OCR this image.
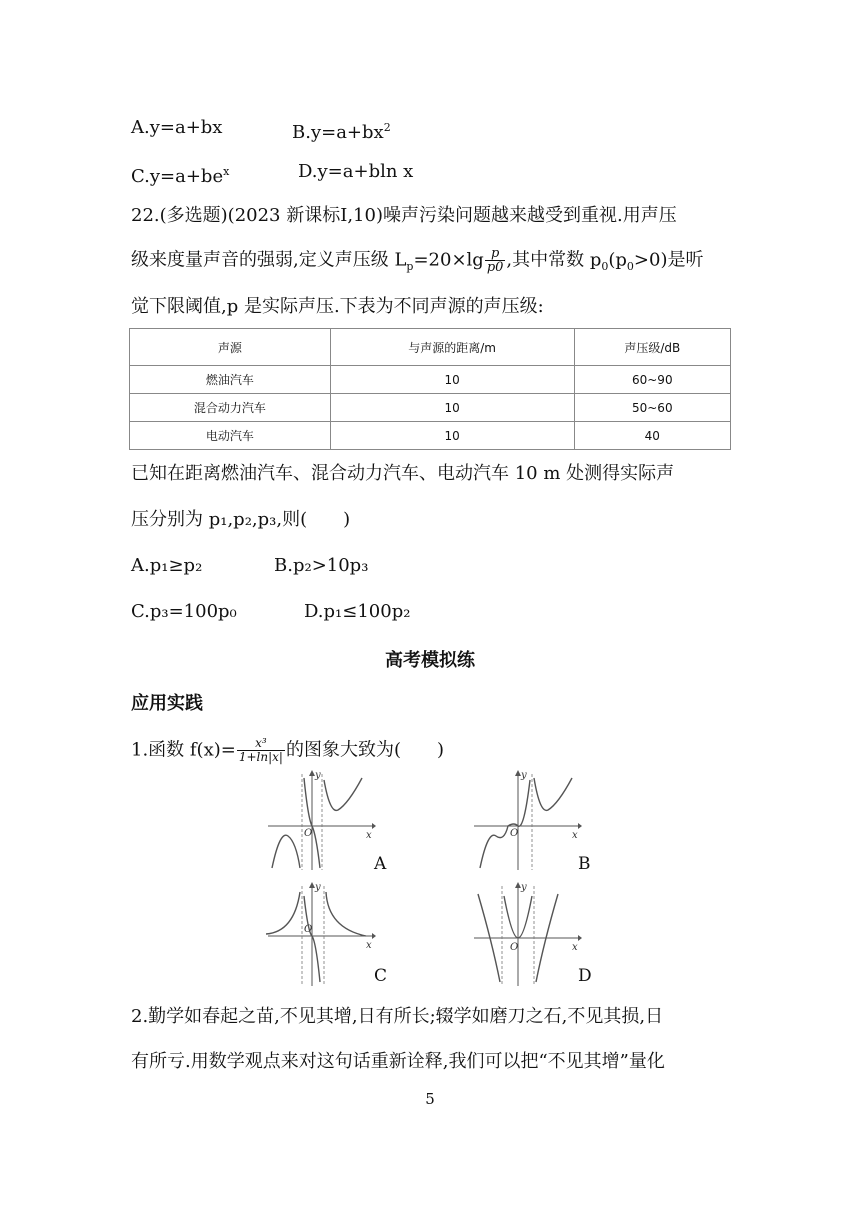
A.y=a+bx	$B.y=a+bx^2$
$C.y=a+be^x$	D.y=a+bln x
22.(多选题)(2023 新课标Ⅰ,10)噪声污染问题越来越受到重视.用声压
级来度量声音的强弱,定义声压级 $L_p=20\times\lg \frac{p}{p0}$ ,其中常数 $p_0(p_0>0)$是听
觉下限阈值,p 是实际声压.下表为不同声源的声压级:
声源	与声源的距离/m	声压级/dB
燃油汽车	10	60~90
混合动力汽车	10	50~60
电动汽车	10	40
已知在距离燃油汽车、混合动力汽车、电动汽车 10 m 处测得实际声
压分别为 p₁,p₂,p₃,则(　　)
A.p₁≥p₂	B.p₂>10p₃
C.p₃=100p₀	D.p₁≤100p₂
高考模拟练
应用实践
1.函数 $f(x)= \frac{\text{x³}}{1+\ln|x|}$ 的图象大致为(　　)
y
x
O
A
y
x
O
B
y
x
O
C
y
x
O
D
2.勤学如春起之苗,不见其增,日有所长;辍学如磨刀之石,不见其损,日
有所亏.用数学观点来对这句话重新诠释,我们可以把“不见其增”量化
5
